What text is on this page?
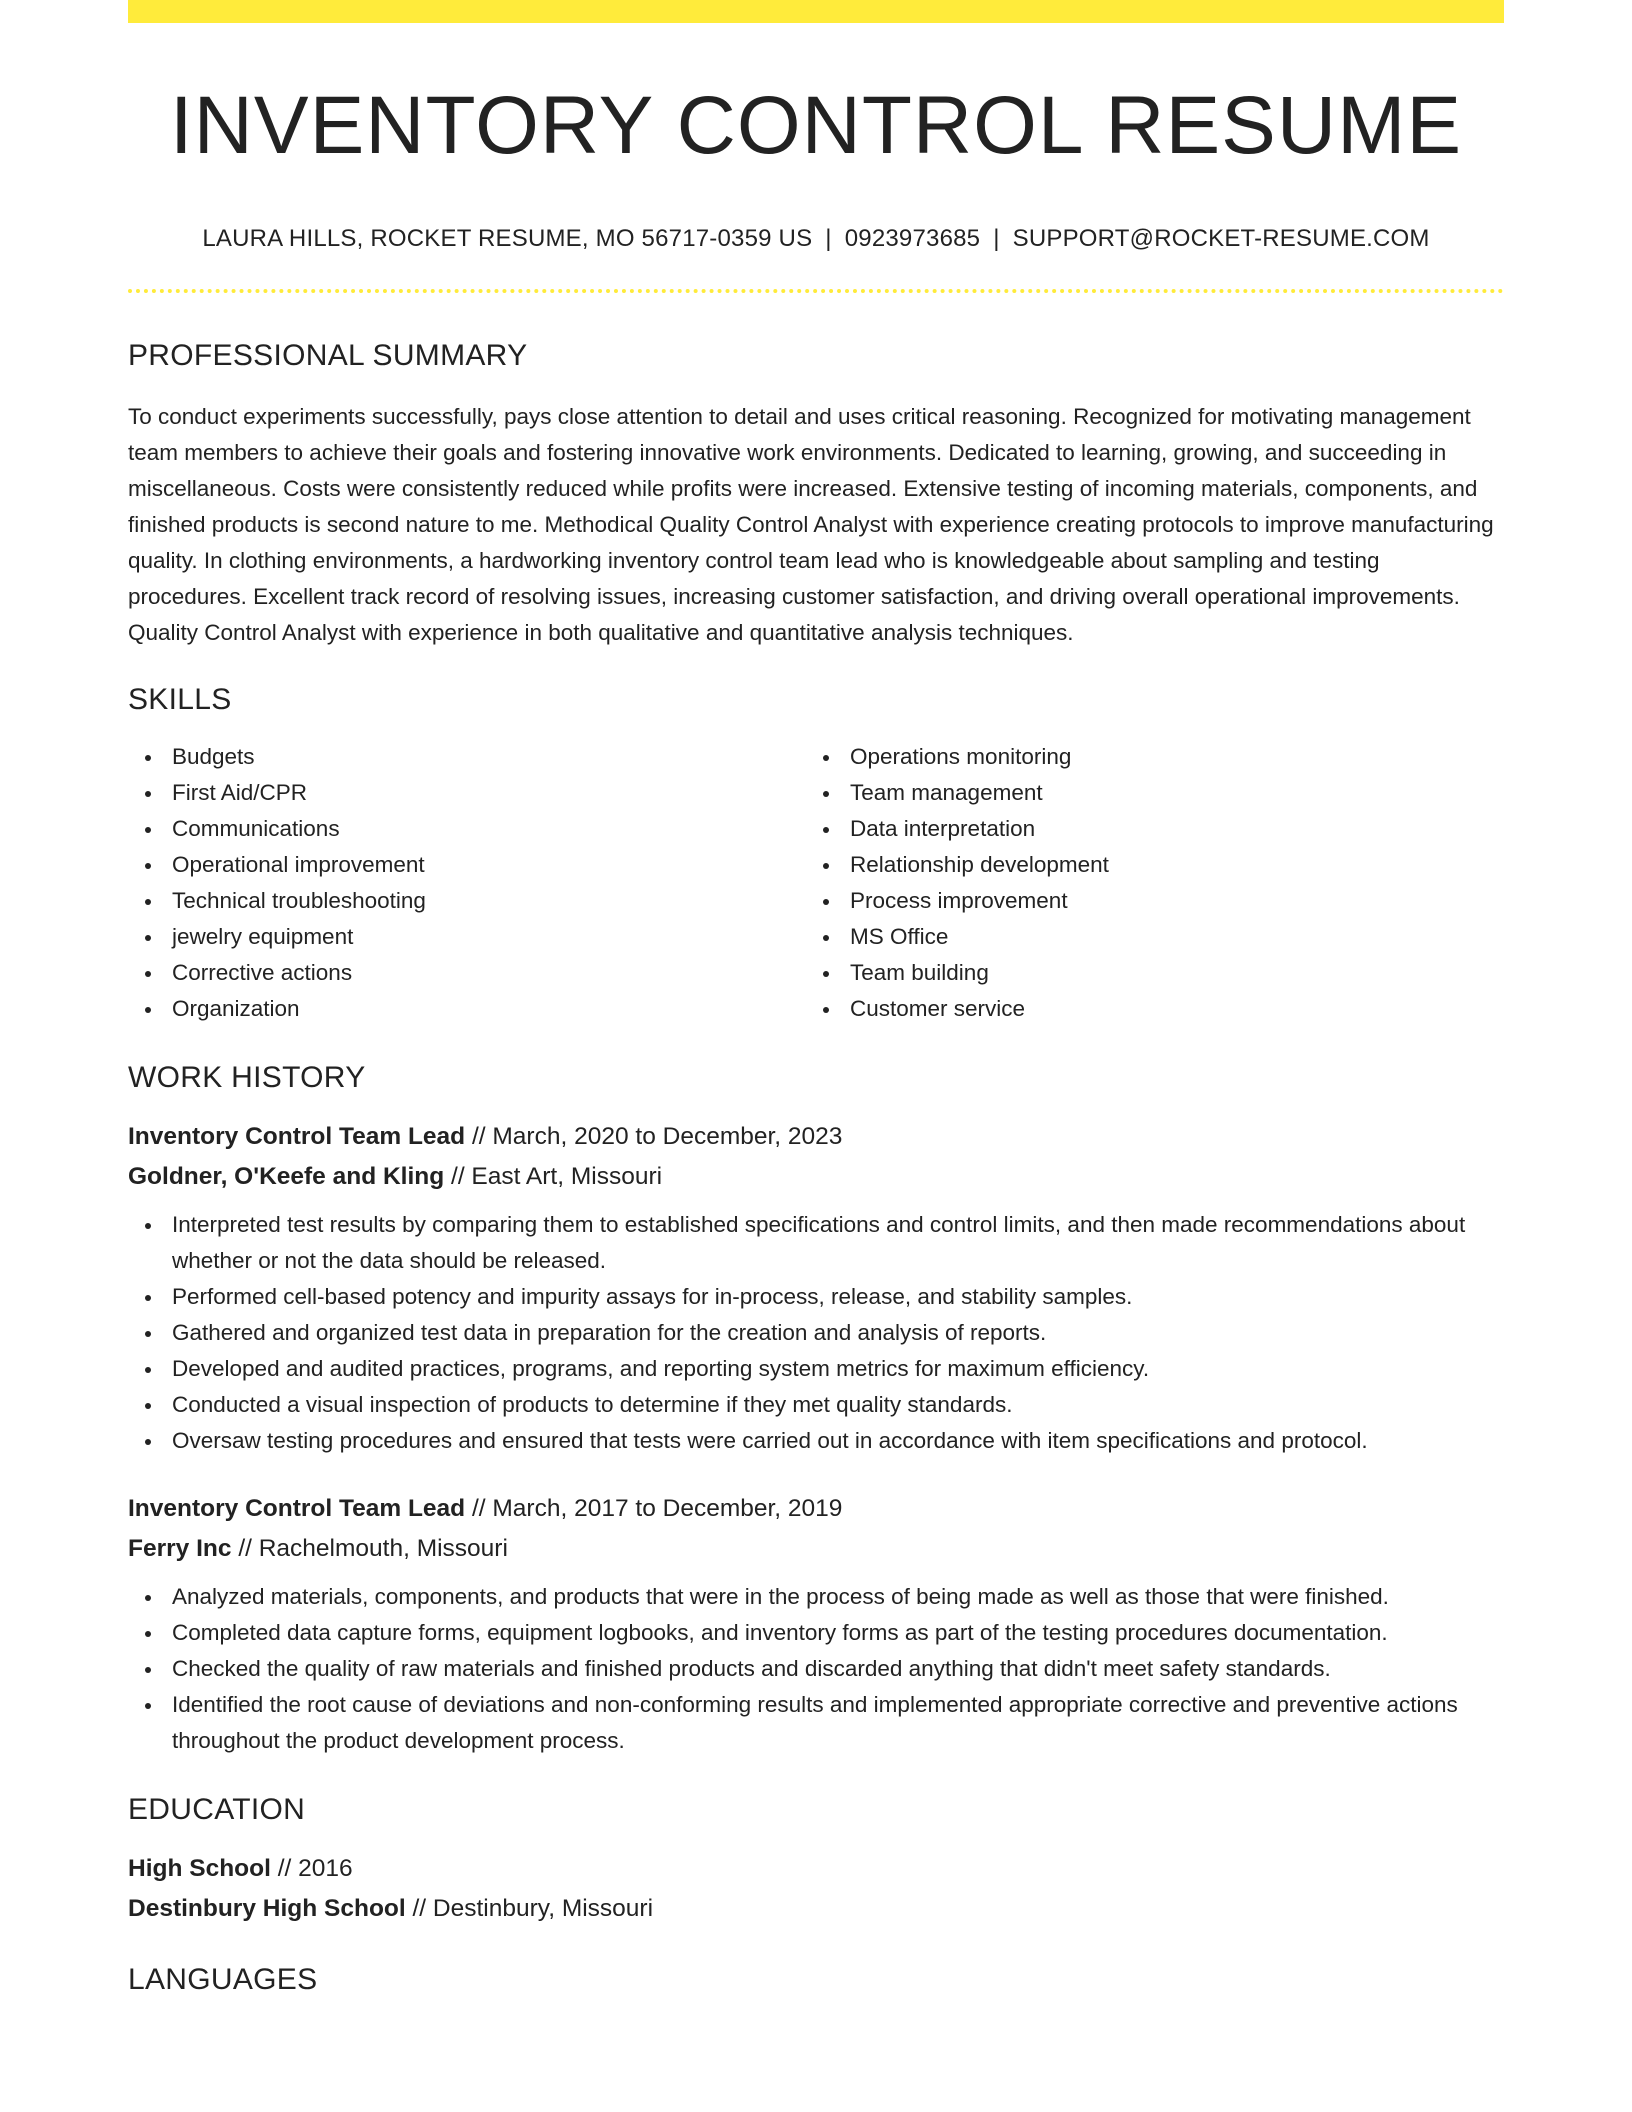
INVENTORY CONTROL RESUME
LAURA HILLS, ROCKET RESUME, MO 56717-0359 US | 0923973685 | SUPPORT@ROCKET-RESUME.COM
PROFESSIONAL SUMMARY
To conduct experiments successfully, pays close attention to detail and uses critical reasoning. Recognized for motivating management team members to achieve their goals and fostering innovative work environments. Dedicated to learning, growing, and succeeding in miscellaneous. Costs were consistently reduced while profits were increased. Extensive testing of incoming materials, components, and finished products is second nature to me. Methodical Quality Control Analyst with experience creating protocols to improve manufacturing quality. In clothing environments, a hardworking inventory control team lead who is knowledgeable about sampling and testing procedures. Excellent track record of resolving issues, increasing customer satisfaction, and driving overall operational improvements. Quality Control Analyst with experience in both qualitative and quantitative analysis techniques.
SKILLS
Budgets
First Aid/CPR
Communications
Operational improvement
Technical troubleshooting
jewelry equipment
Corrective actions
Organization
Operations monitoring
Team management
Data interpretation
Relationship development
Process improvement
MS Office
Team building
Customer service
WORK HISTORY
Inventory Control Team Lead // March, 2020 to December, 2023
Goldner, O'Keefe and Kling // East Art, Missouri
Interpreted test results by comparing them to established specifications and control limits, and then made recommendations about whether or not the data should be released.
Performed cell-based potency and impurity assays for in-process, release, and stability samples.
Gathered and organized test data in preparation for the creation and analysis of reports.
Developed and audited practices, programs, and reporting system metrics for maximum efficiency.
Conducted a visual inspection of products to determine if they met quality standards.
Oversaw testing procedures and ensured that tests were carried out in accordance with item specifications and protocol.
Inventory Control Team Lead // March, 2017 to December, 2019
Ferry Inc // Rachelmouth, Missouri
Analyzed materials, components, and products that were in the process of being made as well as those that were finished.
Completed data capture forms, equipment logbooks, and inventory forms as part of the testing procedures documentation.
Checked the quality of raw materials and finished products and discarded anything that didn't meet safety standards.
Identified the root cause of deviations and non-conforming results and implemented appropriate corrective and preventive actions throughout the product development process.
EDUCATION
High School // 2016
Destinbury High School // Destinbury, Missouri
LANGUAGES
